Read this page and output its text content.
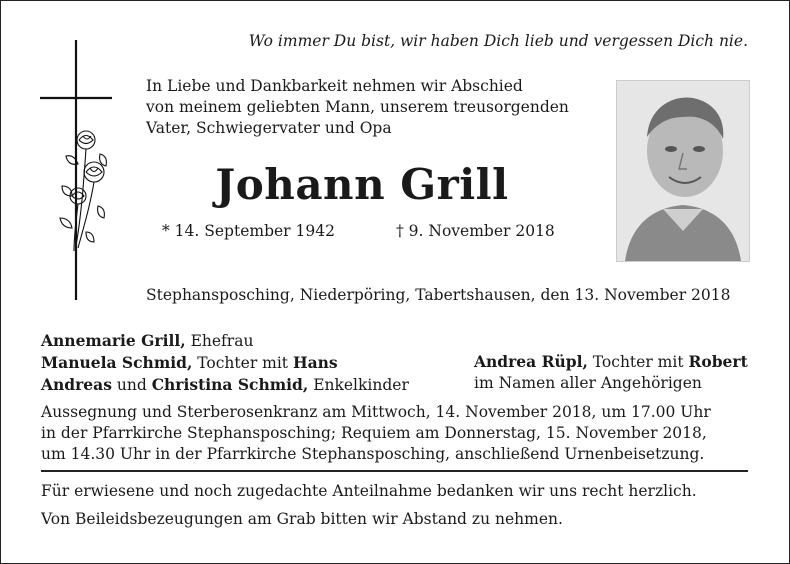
Wo immer Du bist, wir haben Dich lieb und vergessen Dich nie.
In Liebe und Dankbarkeit nehmen wir Abschied
von meinem geliebten Mann, unserem treusorgenden
Vater, Schwiegervater und Opa
Johann Grill
* 14. September 1942	† 9. November 2018
Stephansposching, Niederpöring, Tabertshausen, den 13. November 2018
Annemarie Grill, Ehefrau
Manuela Schmid, Tochter mit Hans
Andreas und Christina Schmid, Enkelkinder
Andrea Rüpl, Tochter mit Robert
im Namen aller Angehörigen
Aussegnung und Sterberosenkranz am Mittwoch, 14. November 2018, um 17.00 Uhr
in der Pfarrkirche Stephansposching; Requiem am Donnerstag, 15. November 2018,
um 14.30 Uhr in der Pfarrkirche Stephansposching, anschließend Urnenbeisetzung.
Für erwiesene und noch zugedachte Anteilnahme bedanken wir uns recht herzlich.
Von Beileidsbezeugungen am Grab bitten wir Abstand zu nehmen.
